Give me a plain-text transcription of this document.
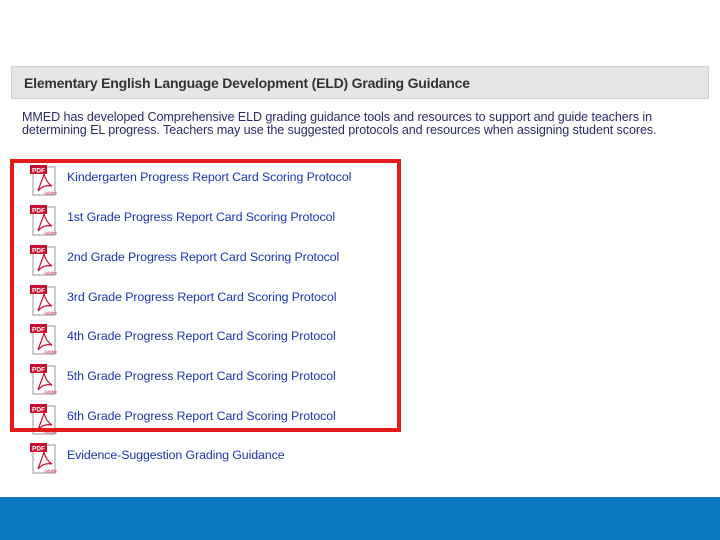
Elementary English Language Development (ELD) Grading Guidance
MMED has developed Comprehensive ELD grading guidance tools and resources to support and guide teachers in determining EL progress. Teachers may use the suggested protocols and resources when assigning student scores.
PDF
Adobe
Kindergarten Progress Report Card Scoring Protocol
PDF
Adobe
1st Grade Progress Report Card Scoring Protocol
PDF
Adobe
2nd Grade Progress Report Card Scoring Protocol
PDF
Adobe
3rd Grade Progress Report Card Scoring Protocol
PDF
Adobe
4th Grade Progress Report Card Scoring Protocol
PDF
Adobe
5th Grade Progress Report Card Scoring Protocol
PDF
Adobe
6th Grade Progress Report Card Scoring Protocol
PDF
Adobe
Evidence-Suggestion Grading Guidance
